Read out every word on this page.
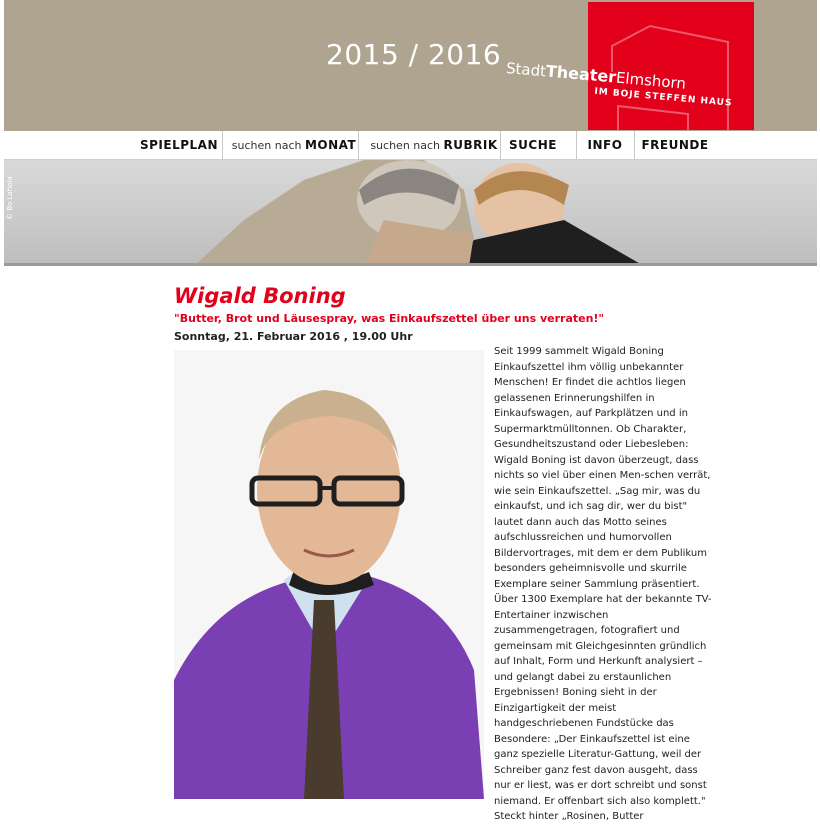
2015 / 2016 StadtTheaterElmshorn
IM BOJE STEFFEN HAUS
SPIELPLAN	suchen nach MONAT suchen nach RUBRIK SUCHE	INFO	FREUNDE
© Bo Lahola
Wigald Boning
"Butter, Brot und Läusespray, was Einkaufszettel über uns verraten!"
Sonntag, 21. Februar 2016 , 19.00 Uhr
Seit 1999 sammelt Wigald Boning Einkaufszettel ihm völlig unbekannter Menschen! Er findet die achtlos liegen gelassenen Erinnerungshilfen in Einkaufswagen, auf Parkplätzen und in Supermarktmülltonnen. Ob Charakter, Gesundheitszustand oder Liebesleben: Wigald Boning ist davon überzeugt, dass nichts so viel über einen Men-schen verrät, wie sein Einkaufszettel. „Sag mir, was du einkaufst, und ich sag dir, wer du bist" lautet dann auch das Motto seines aufschlussreichen und humorvollen Bildervortrages, mit dem er dem Publikum besonders geheimnisvolle und skurrile Exemplare seiner Sammlung präsentiert. Über 1300 Exemplare hat der bekannte TV-Entertainer inzwischen zusammengetragen, fotografiert und gemeinsam mit Gleichgesinnten gründlich auf Inhalt, Form und Herkunft analysiert – und gelangt dabei zu erstaunlichen Ergebnissen! Boning sieht in der Einzigartigkeit der meist handgeschriebenen Fundstücke das Besondere: „Der Einkaufszettel ist eine ganz spezielle Literatur-Gattung, weil der Schreiber ganz fest davon ausgeht, dass nur er liest, was er dort schreibt und sonst niemand. Er offenbart sich also komplett." Steckt hinter „Rosinen, Butter
